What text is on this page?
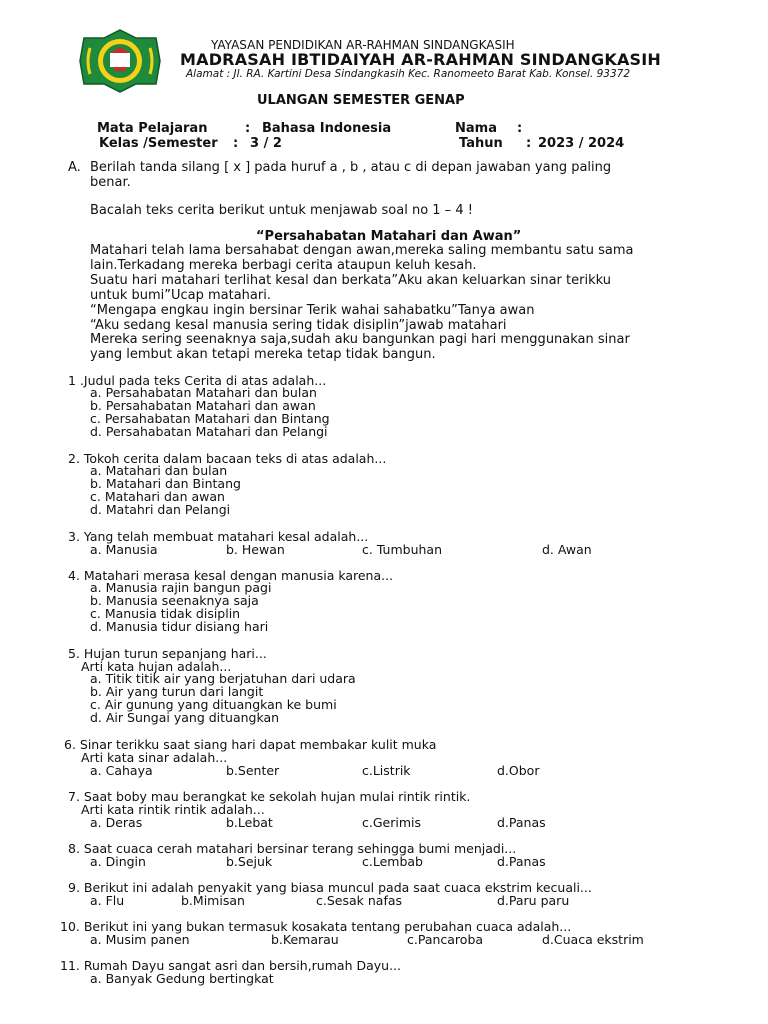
YAYASAN PENDIDIKAN AR-RAHMAN SINDANGKASIH
MADRASAH IBTIDAIYAH AR-RAHMAN SINDANGKASIH
Alamat : Jl. RA. Kartini Desa Sindangkasih Kec. Ranomeeto Barat Kab. Konsel. 93372
ULANGAN SEMESTER GENAP
Mata Pelajaran	: Bahasa Indonesia	Nama :
Kelas /Semester : 3 / 2	Tahun : 2023 / 2024
A. Berilah tanda silang [ x ] pada huruf a , b , atau c di depan jawaban yang paling
benar.
Bacalah teks cerita berikut untuk menjawab soal no 1 – 4 !
“Persahabatan Matahari dan Awan”
Matahari telah lama bersahabat dengan awan,mereka saling membantu satu sama
lain.Terkadang mereka berbagi cerita ataupun keluh kesah.
Suatu hari matahari terlihat kesal dan berkata”Aku akan keluarkan sinar terikku
untuk bumi”Ucap matahari.
“Mengapa engkau ingin bersinar Terik wahai sahabatku”Tanya awan
“Aku sedang kesal manusia sering tidak disiplin”jawab matahari
Mereka sering seenaknya saja,sudah aku bangunkan pagi hari menggunakan sinar
yang lembut akan tetapi mereka tetap tidak bangun.
1 .Judul pada teks Cerita di atas adalah...
a. Persahabatan Matahari dan bulan
b. Persahabatan Matahari dan awan
c. Persahabatan Matahari dan Bintang
d. Persahabatan Matahari dan Pelangi
2. Tokoh cerita dalam bacaan teks di atas adalah...
a. Matahari dan bulan
b. Matahari dan Bintang
c. Matahari dan awan
d. Matahri dan Pelangi
3. Yang telah membuat matahari kesal adalah...
a. Manusia	b. Hewan	c. Tumbuhan	d. Awan
4. Matahari merasa kesal dengan manusia karena...
a. Manusia rajin bangun pagi
b. Manusia seenaknya saja
c. Manusia tidak disiplin
d. Manusia tidur disiang hari
5. Hujan turun sepanjang hari...
Arti kata hujan adalah...
a. Titik titik air yang berjatuhan dari udara
b. Air yang turun dari langit
c. Air gunung yang dituangkan ke bumi
d. Air Sungai yang dituangkan
6. Sinar terikku saat siang hari dapat membakar kulit muka
Arti kata sinar adalah...
a. Cahaya	b.Senter	c.Listrik	d.Obor
7. Saat boby mau berangkat ke sekolah hujan mulai rintik rintik.
Arti kata rintik rintik adalah...
a. Deras	b.Lebat	c.Gerimis	d.Panas
8. Saat cuaca cerah matahari bersinar terang sehingga bumi menjadi...
a. Dingin	b.Sejuk	c.Lembab	d.Panas
9. Berikut ini adalah penyakit yang biasa muncul pada saat cuaca ekstrim kecuali...
a. Flu	b.Mimisan	c.Sesak nafas	d.Paru paru
10. Berikut ini yang bukan termasuk kosakata tentang perubahan cuaca adalah...
a. Musim panen	b.Kemarau	c.Pancaroba	d.Cuaca ekstrim
11. Rumah Dayu sangat asri dan bersih,rumah Dayu...
a. Banyak Gedung bertingkat
